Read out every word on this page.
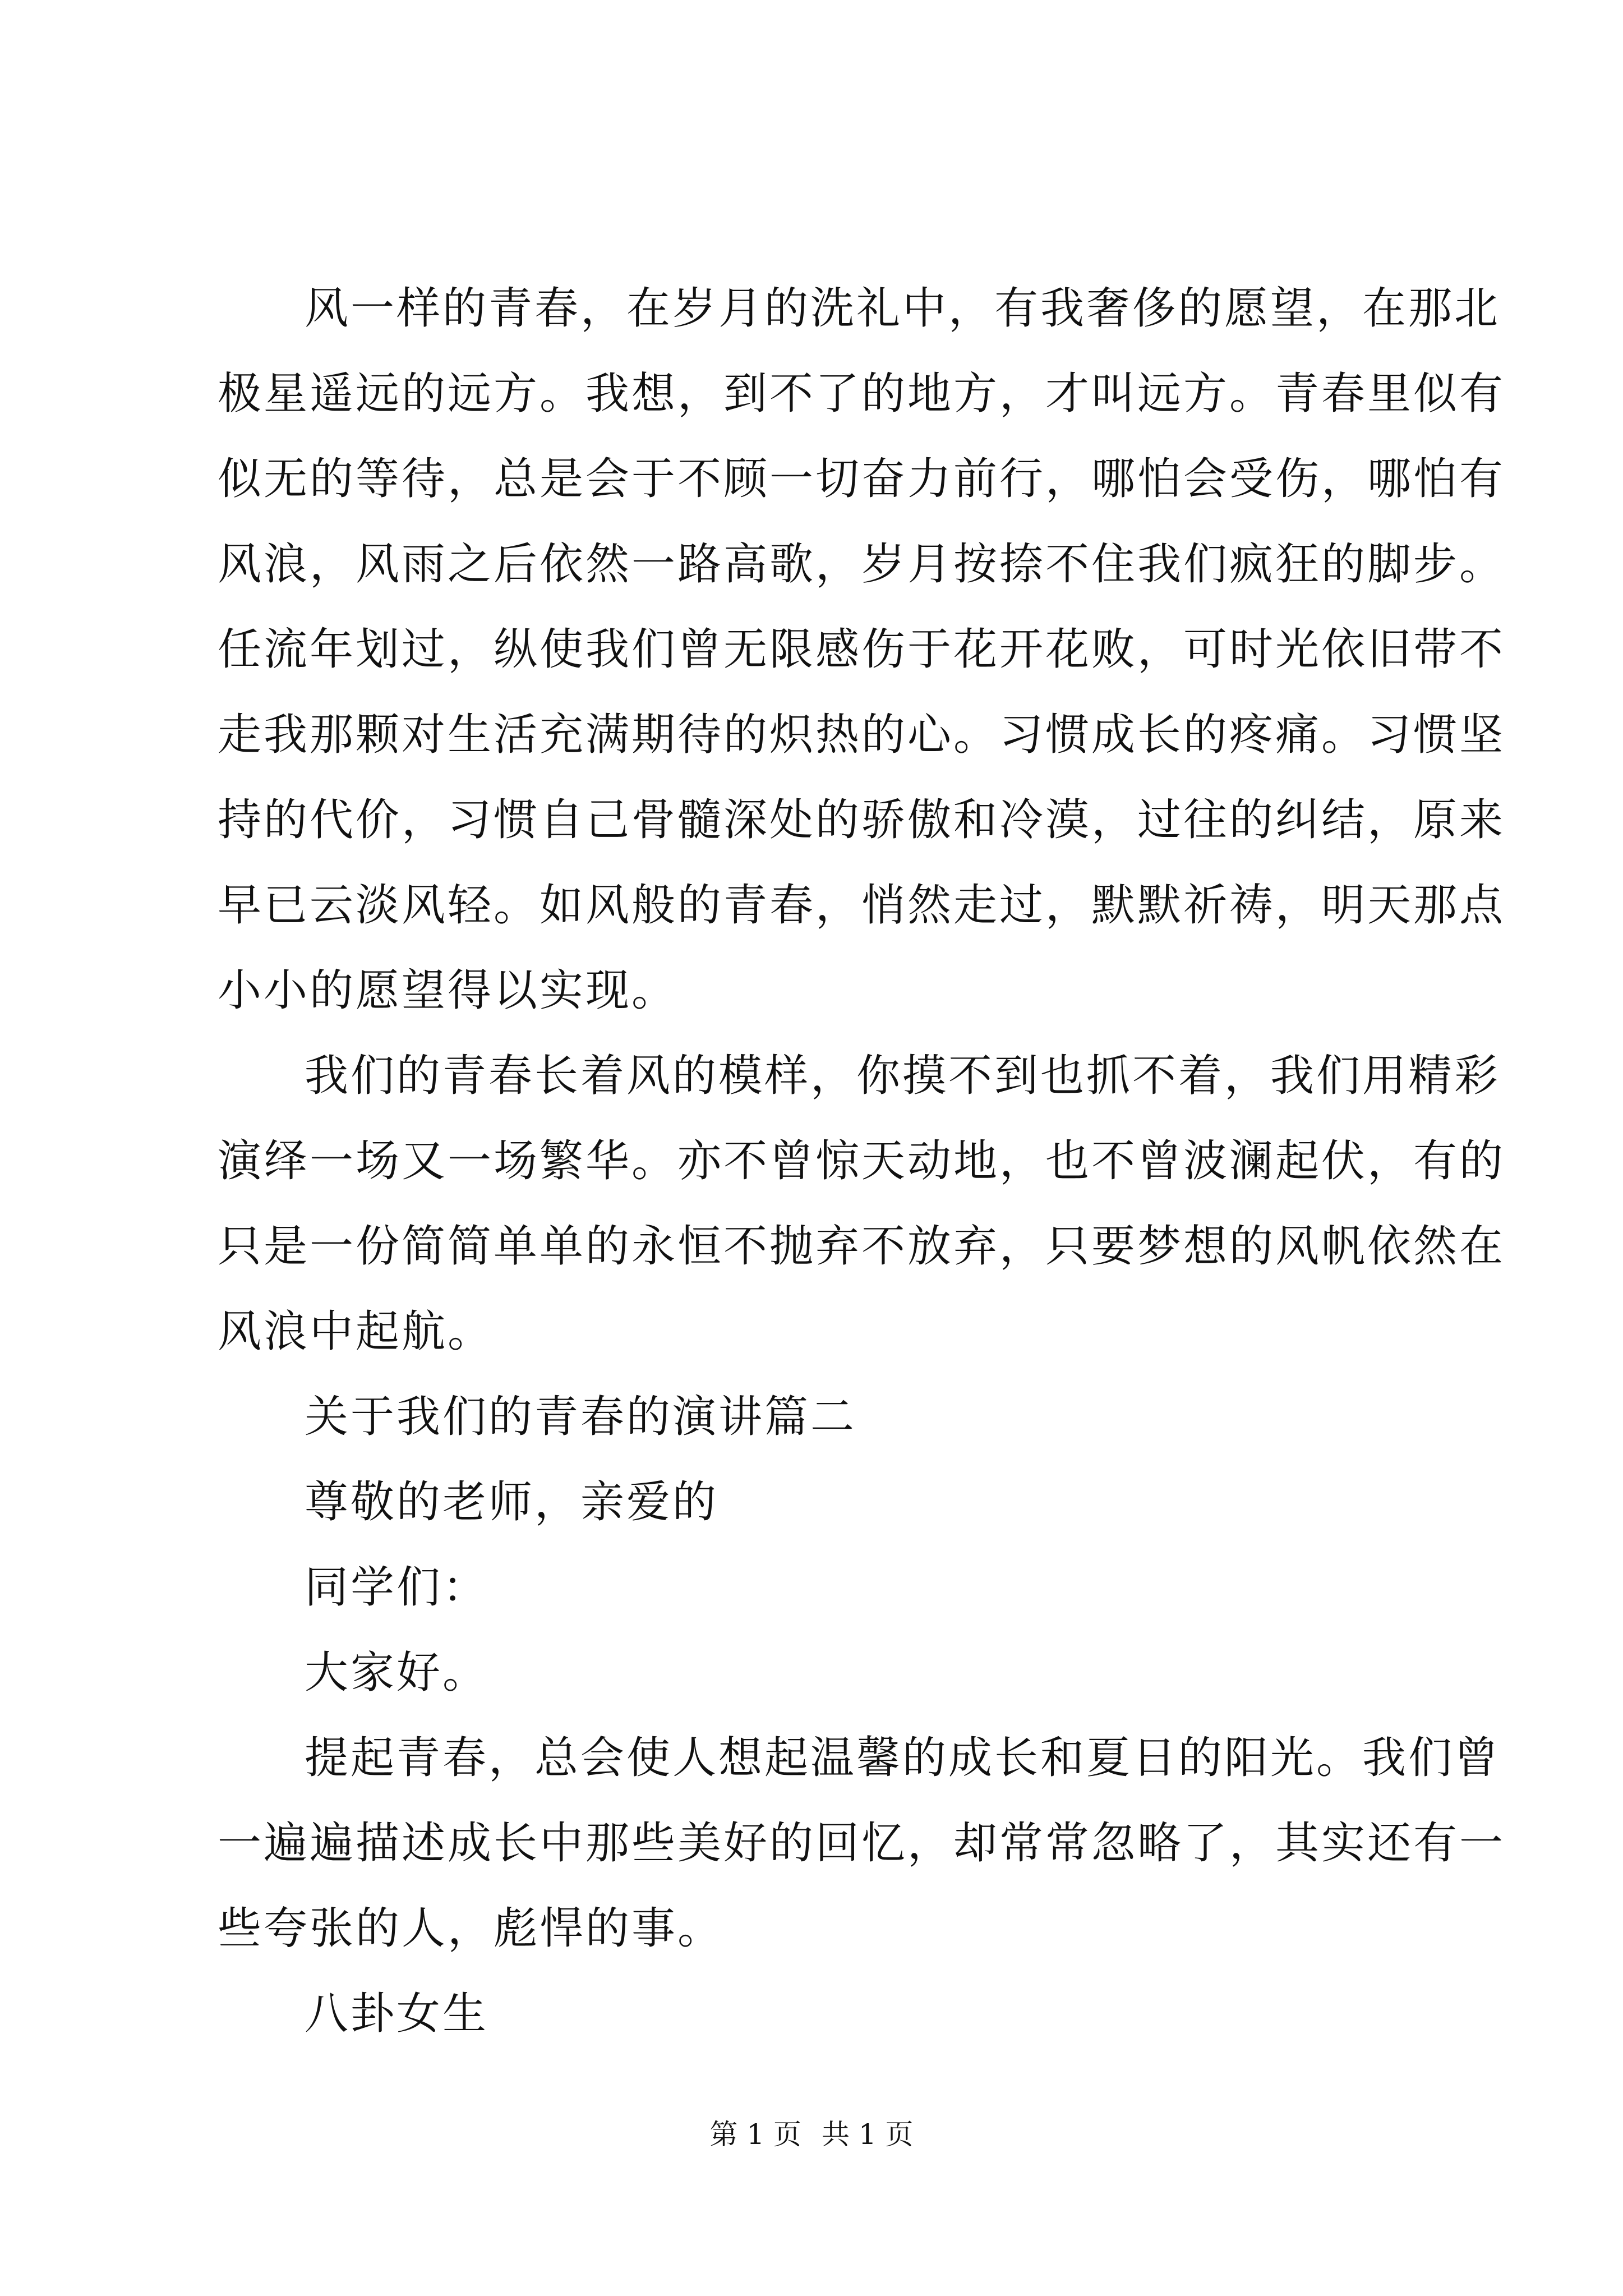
风一样的青春，在岁月的洗礼中，有我奢侈的愿望，在那北
极星遥远的远方。我想，到不了的地方，才叫远方。青春里似有
似无的等待，总是会于不顾一切奋力前行，哪怕会受伤，哪怕有
风浪，风雨之后依然一路高歌，岁月按捺不住我们疯狂的脚步。
任流年划过，纵使我们曾无限感伤于花开花败，可时光依旧带不
走我那颗对生活充满期待的炽热的心。习惯成长的疼痛。习惯坚
持的代价，习惯自己骨髓深处的骄傲和冷漠，过往的纠结，原来
早已云淡风轻。如风般的青春，悄然走过，默默祈祷，明天那点
小小的愿望得以实现。
我们的青春长着风的模样，你摸不到也抓不着，我们用精彩
演绎一场又一场繁华。亦不曾惊天动地，也不曾波澜起伏，有的
只是一份简简单单的永恒不抛弃不放弃，只要梦想的风帆依然在
风浪中起航。
关于我们的青春的演讲篇二
尊敬的老师，亲爱的
同学们：
大家好。
提起青春，总会使人想起温馨的成长和夏日的阳光。我们曾
一遍遍描述成长中那些美好的回忆，却常常忽略了，其实还有一
些夸张的人，彪悍的事。
八卦女生
第 1 页 共 1 页
